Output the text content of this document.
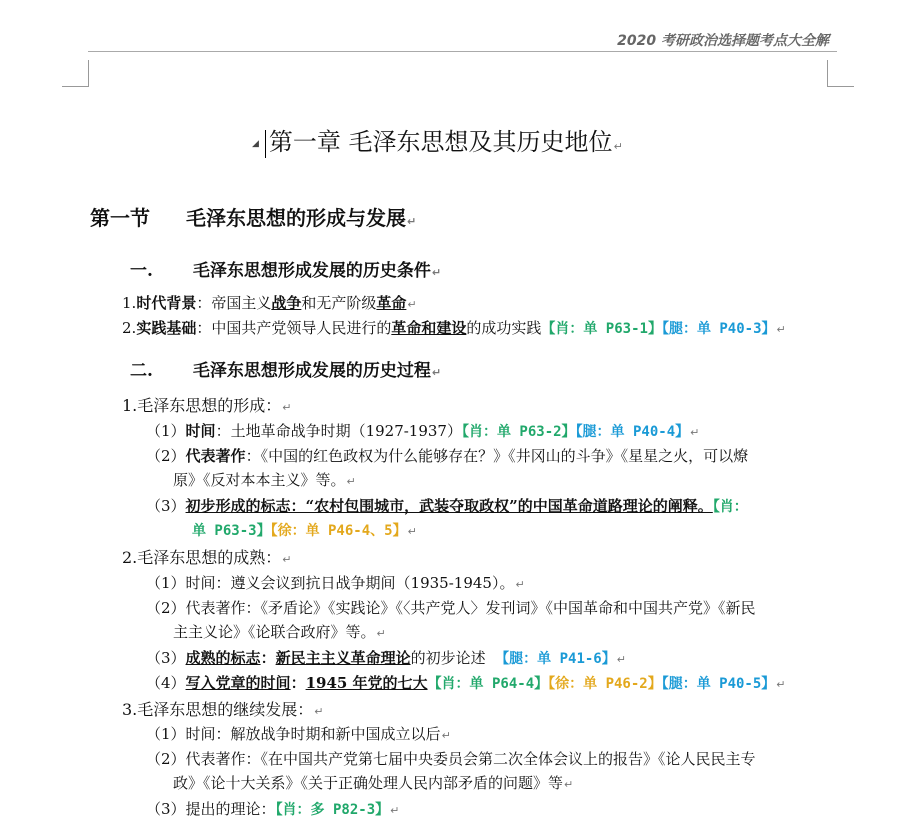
2020 考研政治选择题考点大全解
◢ 第一章 毛泽东思想及其历史地位↵
第一节 毛泽东思想的形成与发展↵
一. 毛泽东思想形成发展的历史条件↵
1.时代背景：帝国主义战争和无产阶级革命↵
2.实践基础：中国共产党领导人民进行的革命和建设的成功实践【肖：单 P63-1】【腿：单 P40-3】↵
二. 毛泽东思想形成发展的历史过程↵
1.毛泽东思想的形成：↵
（1）时间：土地革命战争时期（1927-1937）【肖：单 P63-2】【腿：单 P40-4】↵
（2）代表著作：《中国的红色政权为什么能够存在？》《井冈山的斗争》《星星之火，可以燎
原》《反对本本主义》等。↵
（3）初步形成的标志：“农村包围城市，武装夺取政权”的中国革命道路理论的阐释。【肖：
单 P63-3】【徐：单 P46-4、5】↵
2.毛泽东思想的成熟：↵
（1）时间：遵义会议到抗日战争期间（1935-1945）。↵
（2）代表著作：《矛盾论》《实践论》《〈共产党人〉发刊词》《中国革命和中国共产党》《新民
主主义论》《论联合政府》等。↵
（3）成熟的标志：新民主主义革命理论的初步论述 【腿：单 P41-6】↵
（4）写入党章的时间：1945 年党的七大【肖：单 P64-4】【徐：单 P46-2】【腿：单 P40-5】↵
3.毛泽东思想的继续发展：↵
（1）时间：解放战争时期和新中国成立以后↵
（2）代表著作：《在中国共产党第七届中央委员会第二次全体会议上的报告》《论人民民主专
政》《论十大关系》《关于正确处理人民内部矛盾的问题》等↵
（3）提出的理论：【肖：多 P82-3】↵
